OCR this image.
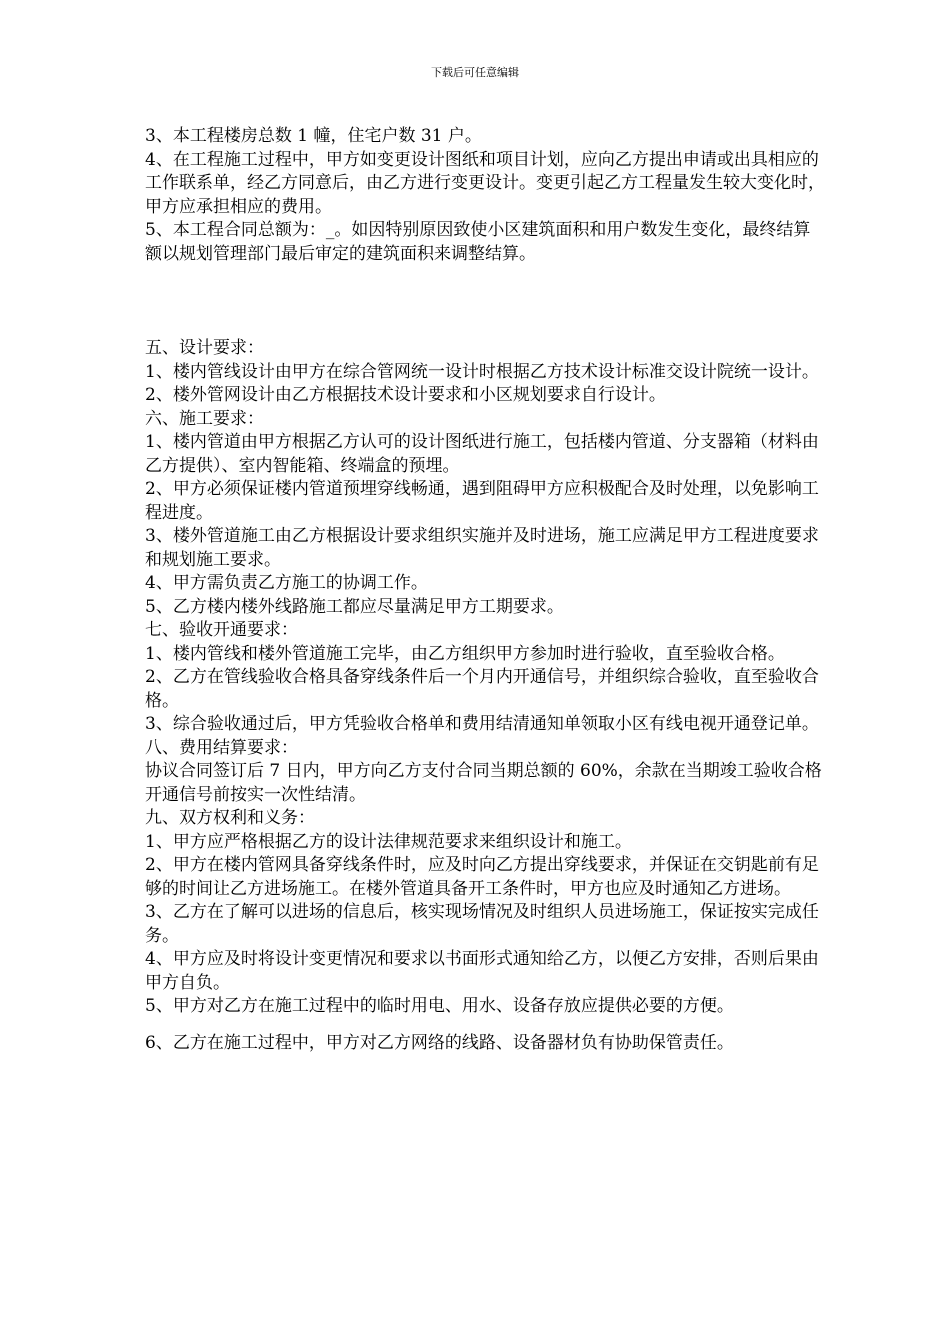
下载后可任意编辑

3、本工程楼房总数 1 幢，住宅户数 31 户。

4、在工程施工过程中，甲方如变更设计图纸和项目计划，应向乙方提出申请或出具相应的工作联系单，经乙方同意后，由乙方进行变更设计。变更引起乙方工程量发生较大变化时，甲方应承担相应的费用。

5、本工程合同总额为：_。如因特别原因致使小区建筑面积和用户数发生变化，最终结算额以规划管理部门最后审定的建筑面积来调整结算。

五、设计要求：

1、楼内管线设计由甲方在综合管网统一设计时根据乙方技术设计标准交设计院统一设计。

2、楼外管网设计由乙方根据技术设计要求和小区规划要求自行设计。

六、施工要求：

1、楼内管道由甲方根据乙方认可的设计图纸进行施工，包括楼内管道、分支器箱（材料由乙方提供）、室内智能箱、终端盒的预埋。

2、甲方必须保证楼内管道预埋穿线畅通，遇到阻碍甲方应积极配合及时处理，以免影响工程进度。

3、楼外管道施工由乙方根据设计要求组织实施并及时进场，施工应满足甲方工程进度要求和规划施工要求。

4、甲方需负责乙方施工的协调工作。

5、乙方楼内楼外线路施工都应尽量满足甲方工期要求。

七、验收开通要求：

1、楼内管线和楼外管道施工完毕，由乙方组织甲方参加时进行验收，直至验收合格。

2、乙方在管线验收合格具备穿线条件后一个月内开通信号，并组织综合验收，直至验收合格。

3、综合验收通过后，甲方凭验收合格单和费用结清通知单领取小区有线电视开通登记单。

八、费用结算要求：

协议合同签订后 7 日内，甲方向乙方支付合同当期总额的 60%，余款在当期竣工验收合格开通信号前按实一次性结清。

九、双方权利和义务：

1、甲方应严格根据乙方的设计法律规范要求来组织设计和施工。

2、甲方在楼内管网具备穿线条件时，应及时向乙方提出穿线要求，并保证在交钥匙前有足够的时间让乙方进场施工。在楼外管道具备开工条件时，甲方也应及时通知乙方进场。

3、乙方在了解可以进场的信息后，核实现场情况及时组织人员进场施工，保证按实完成任务。

4、甲方应及时将设计变更情况和要求以书面形式通知给乙方，以便乙方安排，否则后果由甲方自负。

5、甲方对乙方在施工过程中的临时用电、用水、设备存放应提供必要的方便。

6、乙方在施工过程中，甲方对乙方网络的线路、设备器材负有协助保管责任。
